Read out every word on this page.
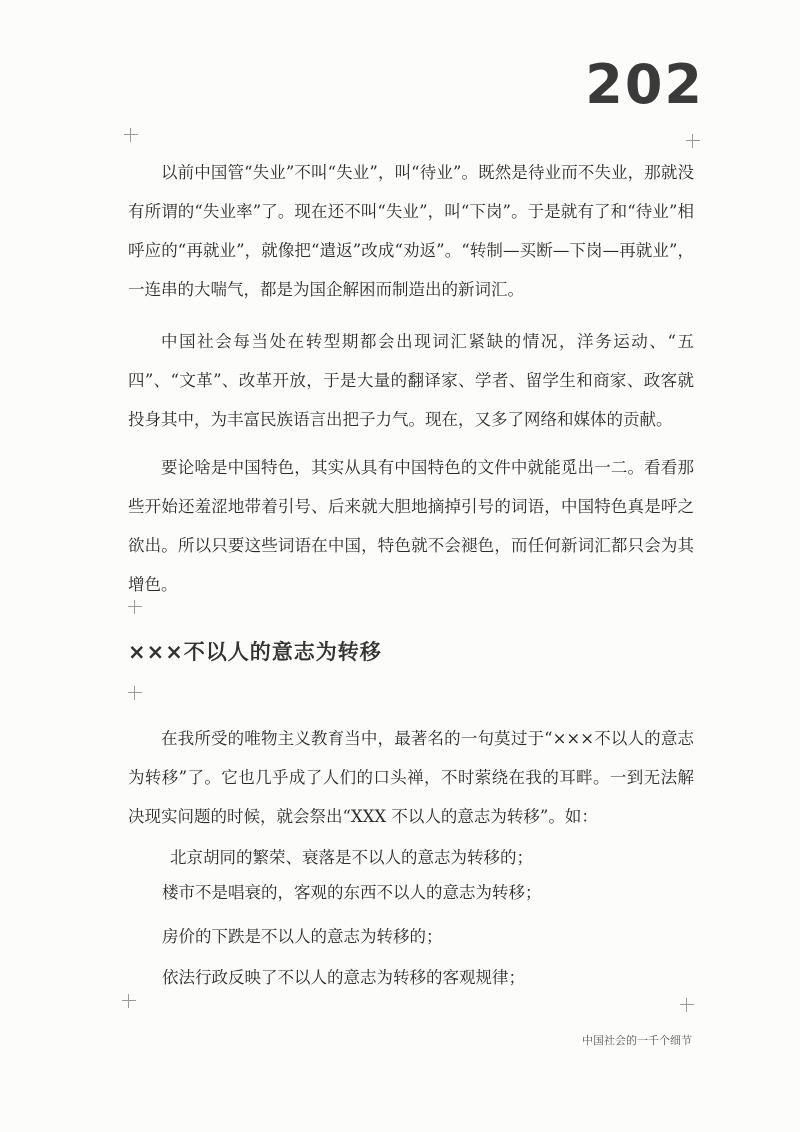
202

以前中国管“失业”不叫“失业”，叫“待业”。既然是待业而不失业，那就没有所谓的“失业率”了。现在还不叫“失业”，叫“下岗”。于是就有了和“待业”相呼应的“再就业”，就像把“遣返”改成“劝返”。“转制—买断—下岗—再就业”，一连串的大喘气，都是为国企解困而制造出的新词汇。

中国社会每当处在转型期都会出现词汇紧缺的情况，洋务运动、“五四”、“文革”、改革开放，于是大量的翻译家、学者、留学生和商家、政客就投身其中，为丰富民族语言出把子力气。现在，又多了网络和媒体的贡献。

要论啥是中国特色，其实从具有中国特色的文件中就能觅出一二。看看那些开始还羞涩地带着引号、后来就大胆地摘掉引号的词语，中国特色真是呼之欲出。所以只要这些词语在中国，特色就不会褪色，而任何新词汇都只会为其增色。

×××不以人的意志为转移

在我所受的唯物主义教育当中，最著名的一句莫过于“×××不以人的意志为转移”了。它也几乎成了人们的口头禅，不时萦绕在我的耳畔。一到无法解决现实问题的时候，就会祭出“XXX 不以人的意志为转移”。如：

北京胡同的繁荣、衰落是不以人的意志为转移的；

楼市不是唱衰的，客观的东西不以人的意志为转移；

房价的下跌是不以人的意志为转移的；

依法行政反映了不以人的意志为转移的客观规律；

中国社会的一千个细节
